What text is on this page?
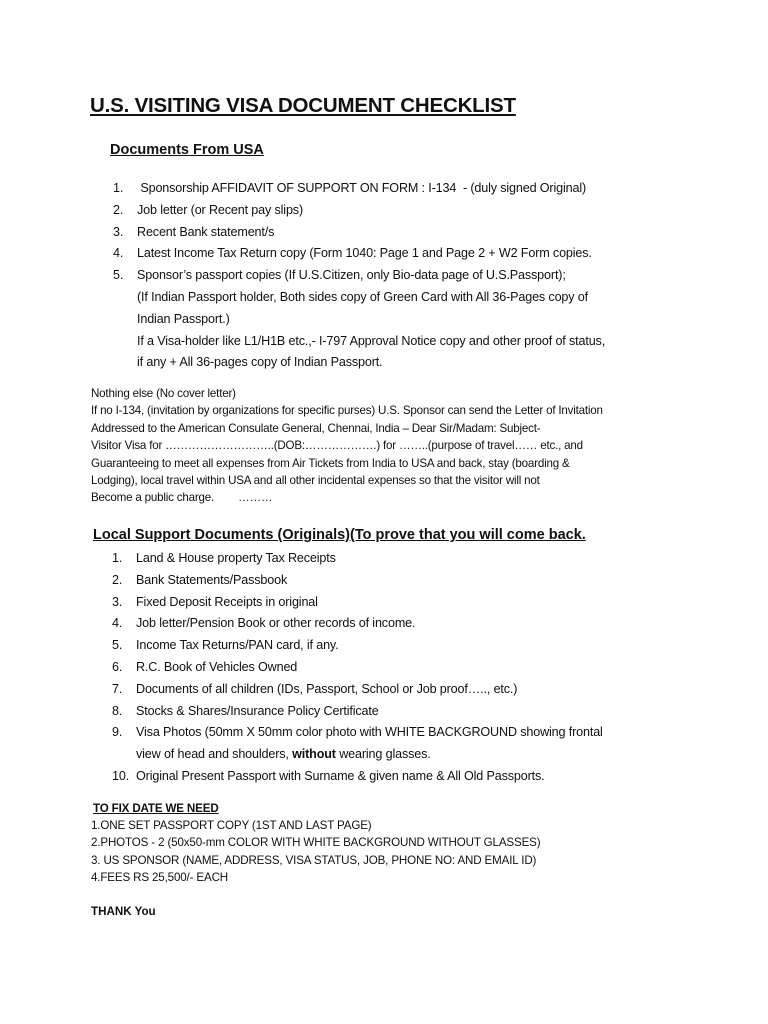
U.S. VISITING VISA DOCUMENT CHECKLIST
Documents From USA
1.	Sponsorship AFFIDAVIT OF SUPPORT ON FORM : I-134  - (duly signed Original)
2.	Job letter (or Recent pay slips)
3.	Recent Bank statement/s
4.	Latest Income Tax Return copy (Form 1040: Page 1 and Page 2 + W2 Form copies.
5.	Sponsor’s passport copies (If U.S.Citizen, only Bio-data page of U.S.Passport);
(If Indian Passport holder, Both sides copy of Green Card with All 36-Pages copy of
Indian Passport.)
If a Visa-holder like L1/H1B etc.,- I-797 Approval Notice copy and other proof of status,
if any + All 36-pages copy of Indian Passport.
Nothing else (No cover letter)
If no I-134, (invitation by organizations for specific purses) U.S. Sponsor can send the Letter of Invitation
Addressed to the American Consulate General, Chennai, India – Dear Sir/Madam: Subject-
Visitor Visa for ………………………..(DOB:……………….) for ……..(purpose of travel…… etc., and
Guaranteeing to meet all expenses from Air Tickets from India to USA and back, stay (boarding &
Lodging), local travel within USA and all other incidental expenses so that the visitor will not
Become a public charge.        ………
Local Support Documents (Originals)(To prove that you will come back.
1.	Land & House property Tax Receipts
2.	Bank Statements/Passbook
3.	Fixed Deposit Receipts in original
4.	Job letter/Pension Book or other records of income.
5.	Income Tax Returns/PAN card, if any.
6.	R.C. Book of Vehicles Owned
7.	Documents of all children (IDs, Passport, School or Job proof….., etc.)
8.	Stocks & Shares/Insurance Policy Certificate
9.	Visa Photos (50mm X 50mm color photo with WHITE BACKGROUND showing frontal
view of head and shoulders, without wearing glasses.
10. Original Present Passport with Surname & given name & All Old Passports.
TO FIX DATE WE NEED
1.ONE SET PASSPORT COPY (1ST AND LAST PAGE)
2.PHOTOS - 2 (50x50-mm COLOR WITH WHITE BACKGROUND WITHOUT GLASSES)
3. US SPONSOR (NAME, ADDRESS, VISA STATUS, JOB, PHONE NO: AND EMAIL ID)
4.FEES RS 25,500/- EACH
THANK You
